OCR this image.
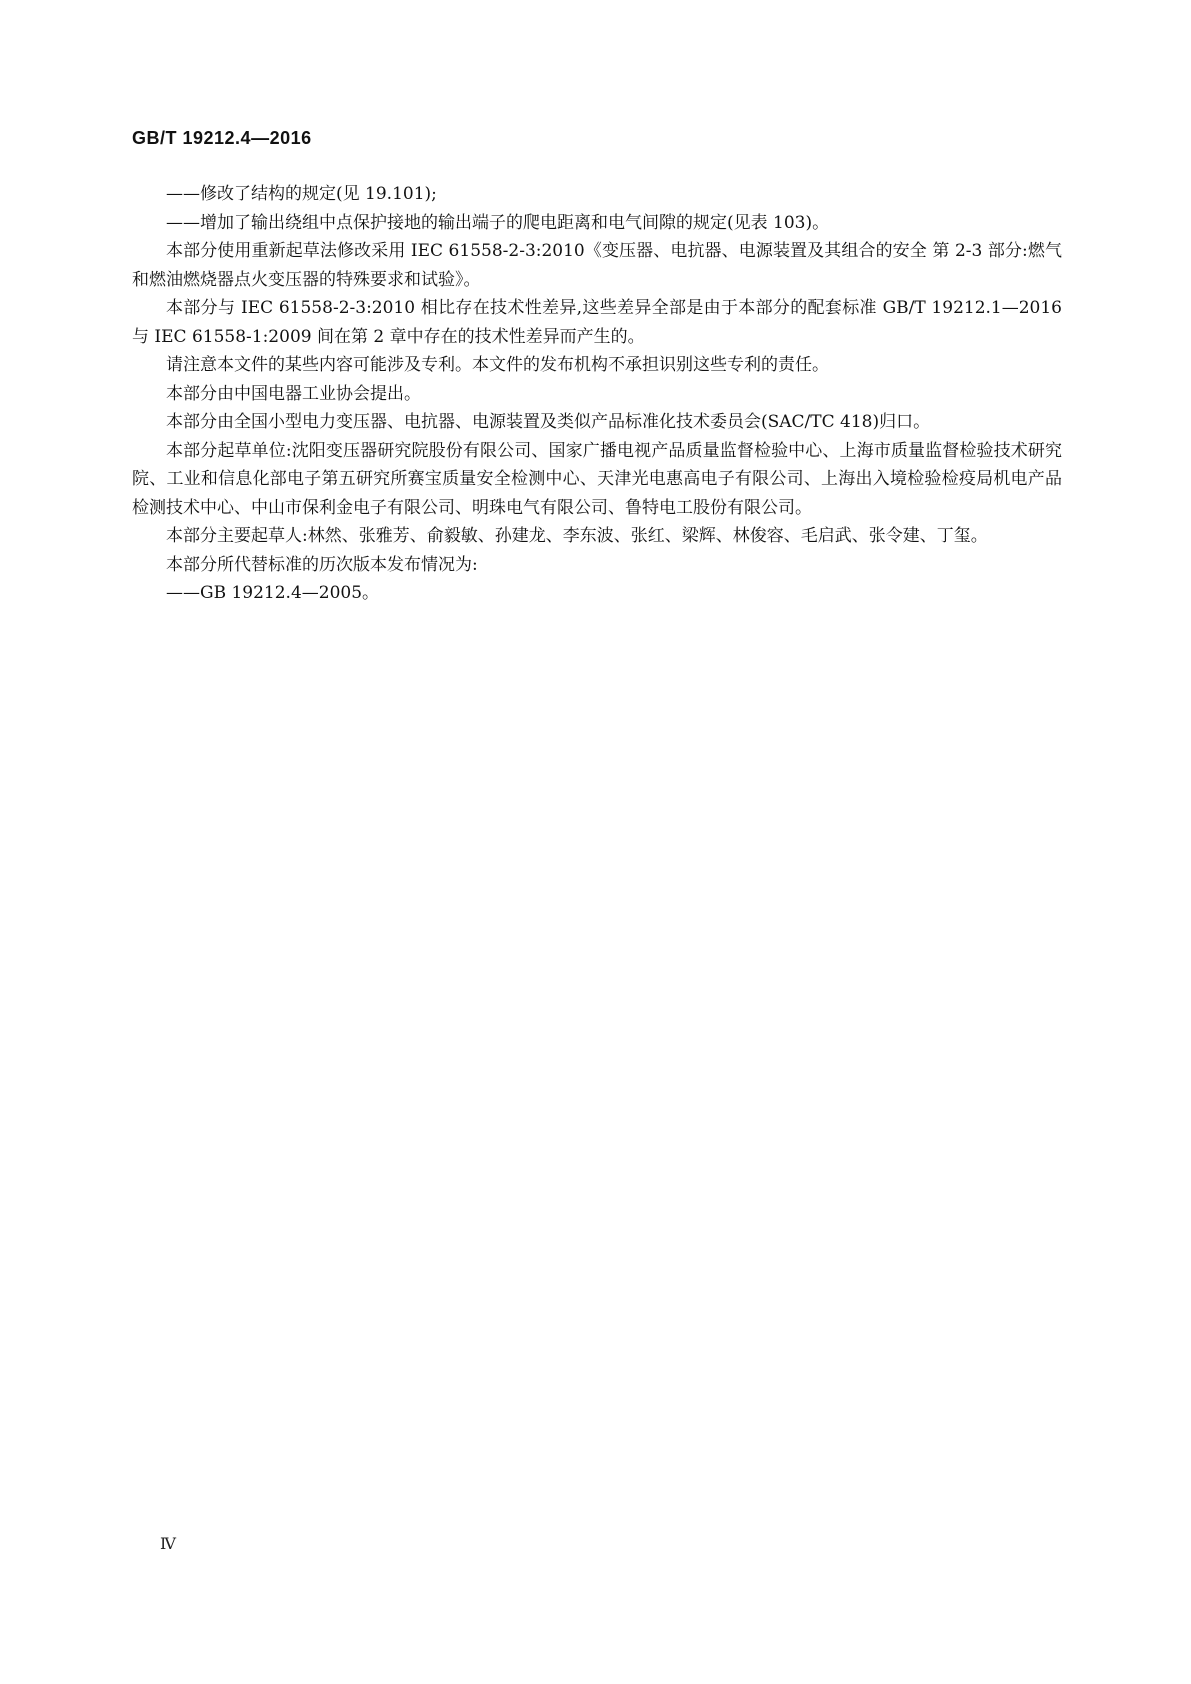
GB/T 19212.4—2016

——修改了结构的规定(见 19.101);

——增加了输出绕组中点保护接地的输出端子的爬电距离和电气间隙的规定(见表 103)。

本部分使用重新起草法修改采用 IEC 61558-2-3:2010《变压器、电抗器、电源装置及其组合的安全 第 2-3 部分:燃气和燃油燃烧器点火变压器的特殊要求和试验》。

本部分与 IEC 61558-2-3:2010 相比存在技术性差异,这些差异全部是由于本部分的配套标准 GB/T 19212.1—2016与 IEC 61558-1:2009 间在第 2 章中存在的技术性差异而产生的。

请注意本文件的某些内容可能涉及专利。本文件的发布机构不承担识别这些专利的责任。

本部分由中国电器工业协会提出。

本部分由全国小型电力变压器、电抗器、电源装置及类似产品标准化技术委员会(SAC/TC 418)归口。

本部分起草单位:沈阳变压器研究院股份有限公司、国家广播电视产品质量监督检验中心、上海市质量监督检验技术研究院、工业和信息化部电子第五研究所赛宝质量安全检测中心、天津光电惠高电子有限公司、上海出入境检验检疫局机电产品检测技术中心、中山市保利金电子有限公司、明珠电气有限公司、鲁特电工股份有限公司。

本部分主要起草人:林然、张雅芳、俞毅敏、孙建龙、李东波、张红、梁辉、林俊容、毛启武、张令建、丁玺。

本部分所代替标准的历次版本发布情况为:

——GB 19212.4—2005。

Ⅳ
